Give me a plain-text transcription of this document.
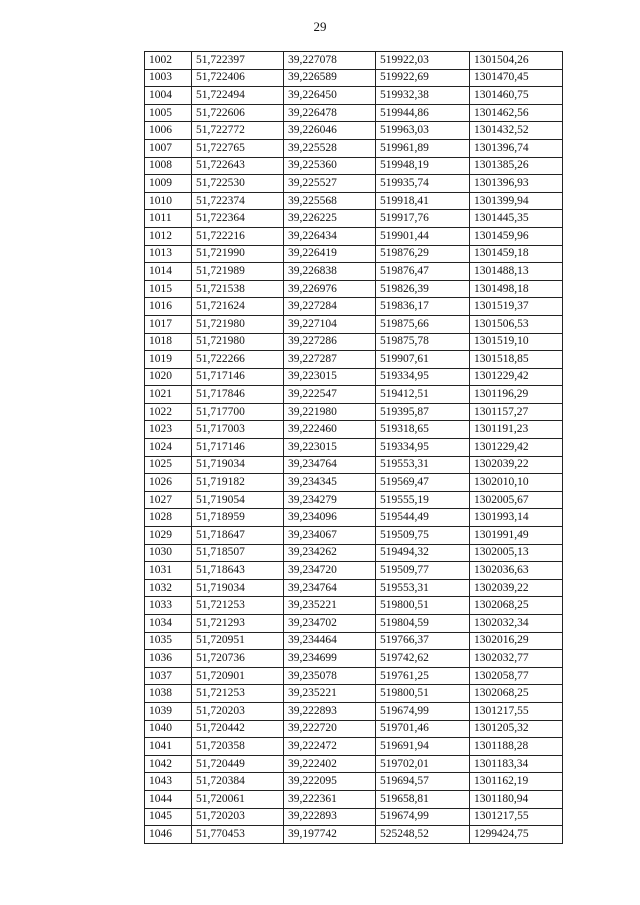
29
1002	51,722397	39,227078	519922,03	1301504,26
1003	51,722406	39,226589	519922,69	1301470,45
1004	51,722494	39,226450	519932,38	1301460,75
1005	51,722606	39,226478	519944,86	1301462,56
1006	51,722772	39,226046	519963,03	1301432,52
1007	51,722765	39,225528	519961,89	1301396,74
1008	51,722643	39,225360	519948,19	1301385,26
1009	51,722530	39,225527	519935,74	1301396,93
1010	51,722374	39,225568	519918,41	1301399,94
1011	51,722364	39,226225	519917,76	1301445,35
1012	51,722216	39,226434	519901,44	1301459,96
1013	51,721990	39,226419	519876,29	1301459,18
1014	51,721989	39,226838	519876,47	1301488,13
1015	51,721538	39,226976	519826,39	1301498,18
1016	51,721624	39,227284	519836,17	1301519,37
1017	51,721980	39,227104	519875,66	1301506,53
1018	51,721980	39,227286	519875,78	1301519,10
1019	51,722266	39,227287	519907,61	1301518,85
1020	51,717146	39,223015	519334,95	1301229,42
1021	51,717846	39,222547	519412,51	1301196,29
1022	51,717700	39,221980	519395,87	1301157,27
1023	51,717003	39,222460	519318,65	1301191,23
1024	51,717146	39,223015	519334,95	1301229,42
1025	51,719034	39,234764	519553,31	1302039,22
1026	51,719182	39,234345	519569,47	1302010,10
1027	51,719054	39,234279	519555,19	1302005,67
1028	51,718959	39,234096	519544,49	1301993,14
1029	51,718647	39,234067	519509,75	1301991,49
1030	51,718507	39,234262	519494,32	1302005,13
1031	51,718643	39,234720	519509,77	1302036,63
1032	51,719034	39,234764	519553,31	1302039,22
1033	51,721253	39,235221	519800,51	1302068,25
1034	51,721293	39,234702	519804,59	1302032,34
1035	51,720951	39,234464	519766,37	1302016,29
1036	51,720736	39,234699	519742,62	1302032,77
1037	51,720901	39,235078	519761,25	1302058,77
1038	51,721253	39,235221	519800,51	1302068,25
1039	51,720203	39,222893	519674,99	1301217,55
1040	51,720442	39,222720	519701,46	1301205,32
1041	51,720358	39,222472	519691,94	1301188,28
1042	51,720449	39,222402	519702,01	1301183,34
1043	51,720384	39,222095	519694,57	1301162,19
1044	51,720061	39,222361	519658,81	1301180,94
1045	51,720203	39,222893	519674,99	1301217,55
1046	51,770453	39,197742	525248,52	1299424,75
